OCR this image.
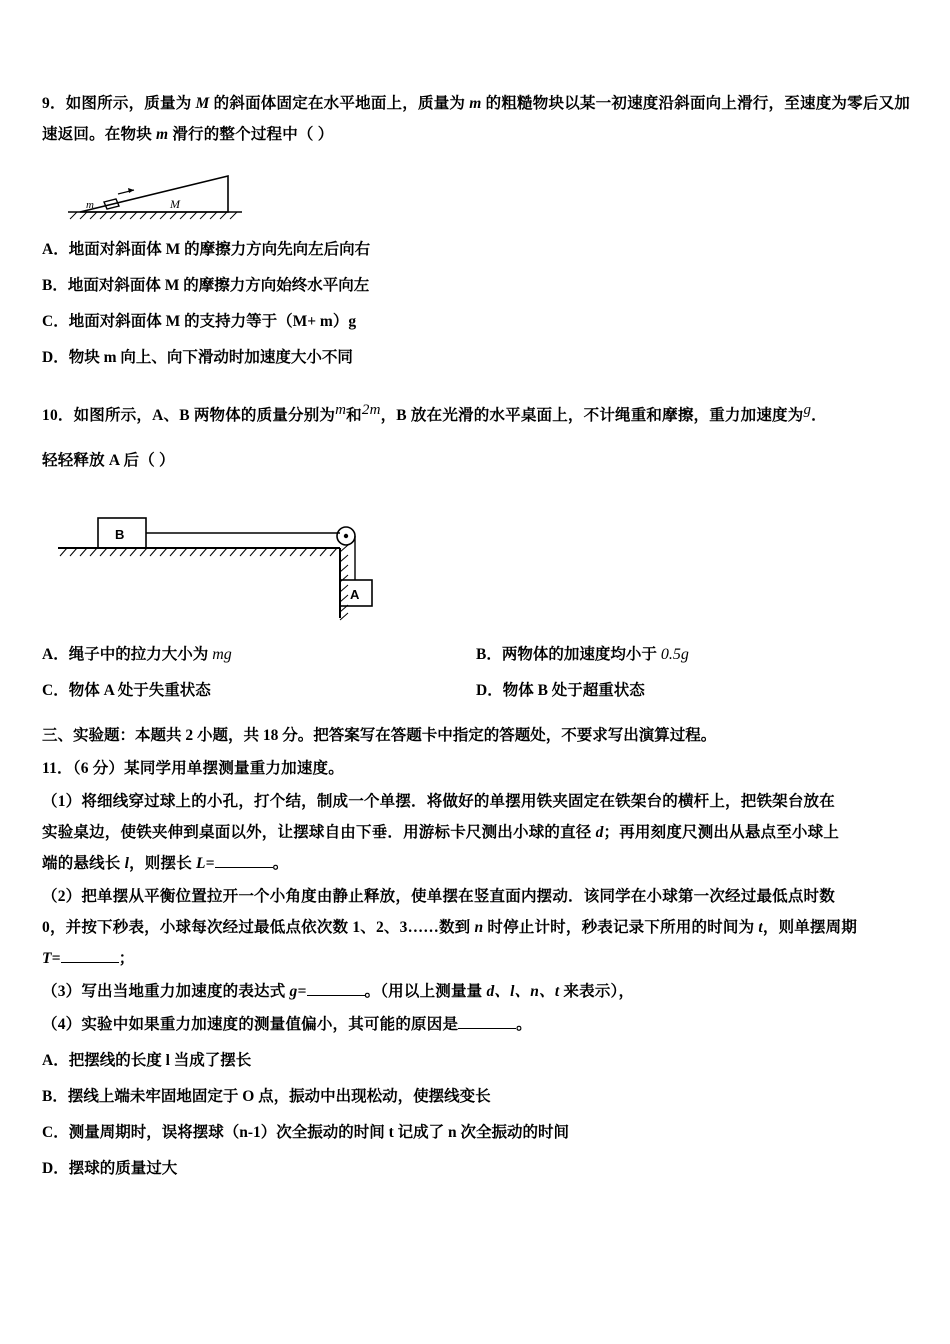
9．如图所示，质量为 M 的斜面体固定在水平地面上，质量为 m 的粗糙物块以某一初速度沿斜面向上滑行，至速度为零后又加速返回。在物块 m 滑行的整个过程中（ ）
m	M
A．地面对斜面体 M 的摩擦力方向先向左后向右
B．地面对斜面体 M 的摩擦力方向始终水平向左
C．地面对斜面体 M 的支持力等于（M+ m）g
D．物块 m 向上、向下滑动时加速度大小不同
10．如图所示，A、B 两物体的质量分别为m和2m，B 放在光滑的水平桌面上，不计绳重和摩擦，重力加速度为g．
轻轻释放 A 后（ ）
B
A
A．绳子中的拉力大小为 mg	B．两物体的加速度均小于 0.5g
C．物体 A 处于失重状态	D．物体 B 处于超重状态
三、实验题：本题共 2 小题，共 18 分。把答案写在答题卡中指定的答题处，不要求写出演算过程。
11．（6 分）某同学用单摆测量重力加速度。
（1）将细线穿过球上的小孔，打个结，制成一个单摆．将做好的单摆用铁夹固定在铁架台的横杆上，把铁架台放在
实验桌边，使铁夹伸到桌面以外，让摆球自由下垂．用游标卡尺测出小球的直径 d；再用刻度尺测出从悬点至小球上
端的悬线长 l，则摆长 L=	。
（2）把单摆从平衡位置拉开一个小角度由静止释放，使单摆在竖直面内摆动．该同学在小球第一次经过最低点时数
0，并按下秒表，小球每次经过最低点依次数 1、2、3……数到 n 时停止计时，秒表记录下所用的时间为 t，则单摆周期
T=	；
（3）写出当地重力加速度的表达式 g=	。（用以上测量量 d、l、n、t 来表示），
（4）实验中如果重力加速度的测量值偏小，其可能的原因是	。
A．把摆线的长度 l 当成了摆长
B．摆线上端未牢固地固定于 O 点，振动中出现松动，使摆线变长
C．测量周期时，误将摆球（n-1）次全振动的时间 t 记成了 n 次全振动的时间
D．摆球的质量过大
